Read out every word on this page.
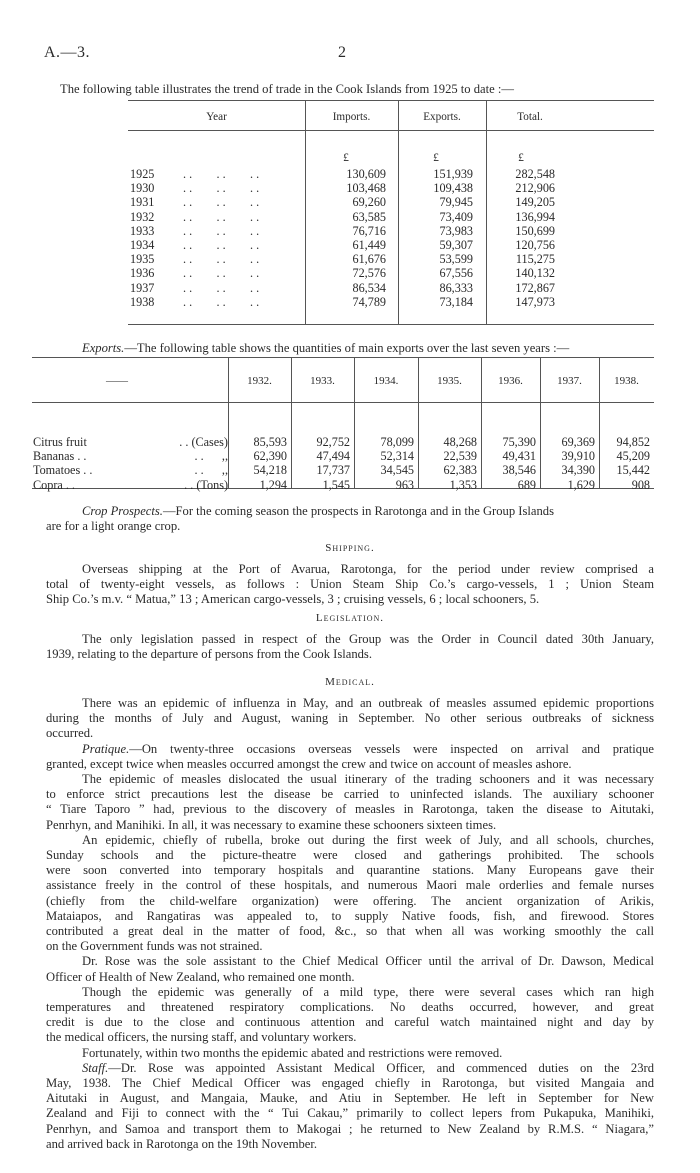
A.—3.	2
The following table illustrates the trend of trade in the Cook Islands from 1925 to date :—
Year	Imports.	Exports.	Total.
£	£	£
1925 . .        . .        . .	130,609	151,939	282,548
1930 . .        . .        . .	103,468	109,438	212,906
1931 . .        . .        . .	69,260	79,945	149,205
1932 . .        . .        . .	63,585	73,409	136,994
1933 . .        . .        . .	76,716	73,983	150,699
1934 . .        . .        . .	61,449	59,307	120,756
1935 . .        . .        . .	61,676	53,599	115,275
1936 . .        . .        . .	72,576	67,556	140,132
1937 . .        . .        . .	86,534	86,333	172,867
1938 . .        . .        . .	74,789	73,184	147,973
Exports.—The following table shows the quantities of main exports over the last seven years :—
——	1932.	1933.	1934.	1935.	1936.	1937.	1938.
Citrus fruit	. . (Cases) 85,593 92,752 78,099 48,268 75,390 69,369 94,852
Bananas . .	. .      ,, 62,390 47,494 52,314 22,539 49,431 39,910 45,209
Tomatoes . .	. .      ,, 54,218 17,737 34,545 62,383 38,546 34,390 15,442
Copra . .	. . (Tons)	1,294	1,545	963	1,353	689	1,629	908
Crop Prospects.—For the coming season the prospects in Rarotonga and in the Group Islands
are for a light orange crop.
Shipping.
Overseas shipping at the Port of Avarua, Rarotonga, for the period under review comprised a
total of twenty-eight vessels, as follows : Union Steam Ship Co.’s cargo-vessels, 1 ; Union Steam
Ship Co.’s m.v. “ Matua,” 13 ; American cargo-vessels, 3 ; cruising vessels, 6 ; local schooners, 5.
Legislation.
The only legislation passed in respect of the Group was the Order in Council dated 30th January,
1939, relating to the departure of persons from the Cook Islands.
Medical.
There was an epidemic of influenza in May, and an outbreak of measles assumed epidemic proportions
during the months of July and August, waning in September. No other serious outbreaks of sickness
occurred.
Pratique.—On twenty-three occasions overseas vessels were inspected on arrival and pratique
granted, except twice when measles occurred amongst the crew and twice on account of measles ashore.
The epidemic of measles dislocated the usual itinerary of the trading schooners and it was necessary
to enforce strict precautions lest the disease be carried to uninfected islands. The auxiliary schooner
“ Tiare Taporo ” had, previous to the discovery of measles in Rarotonga, taken the disease to Aitutaki,
Penrhyn, and Manihiki. In all, it was necessary to examine these schooners sixteen times.
An epidemic, chiefly of rubella, broke out during the first week of July, and all schools, churches,
Sunday schools and the picture-theatre were closed and gatherings prohibited. The schools
were soon converted into temporary hospitals and quarantine stations. Many Europeans gave their
assistance freely in the control of these hospitals, and numerous Maori male orderlies and female nurses
(chiefly from the child-welfare organization) were offering. The ancient organization of Arikis,
Mataiapos, and Rangatiras was appealed to, to supply Native foods, fish, and firewood. Stores
contributed a great deal in the matter of food, &c., so that when all was working smoothly the call
on the Government funds was not strained.
Dr. Rose was the sole assistant to the Chief Medical Officer until the arrival of Dr. Dawson, Medical
Officer of Health of New Zealand, who remained one month.
Though the epidemic was generally of a mild type, there were several cases which ran high
temperatures and threatened respiratory complications. No deaths occurred, however, and great
credit is due to the close and continuous attention and careful watch maintained night and day by
the medical officers, the nursing staff, and voluntary workers.
Fortunately, within two months the epidemic abated and restrictions were removed.
Staff.—Dr. Rose was appointed Assistant Medical Officer, and commenced duties on the 23rd
May, 1938. The Chief Medical Officer was engaged chiefly in Rarotonga, but visited Mangaia and
Aitutaki in August, and Mangaia, Mauke, and Atiu in September. He left in September for New
Zealand and Fiji to connect with the “ Tui Cakau,” primarily to collect lepers from Pukapuka, Manihiki,
Penrhyn, and Samoa and transport them to Makogai ; he returned to New Zealand by R.M.S. “ Niagara,”
and arrived back in Rarotonga on the 19th November.
